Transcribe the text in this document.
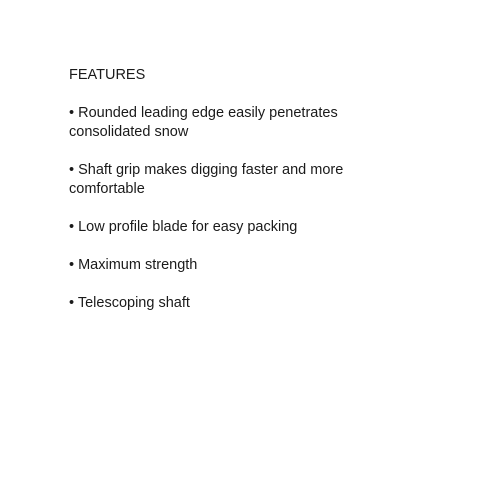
FEATURES
• Rounded leading edge easily penetrates consolidated snow
• Shaft grip makes digging faster and more comfortable
• Low profile blade for easy packing
• Maximum strength
• Telescoping shaft
